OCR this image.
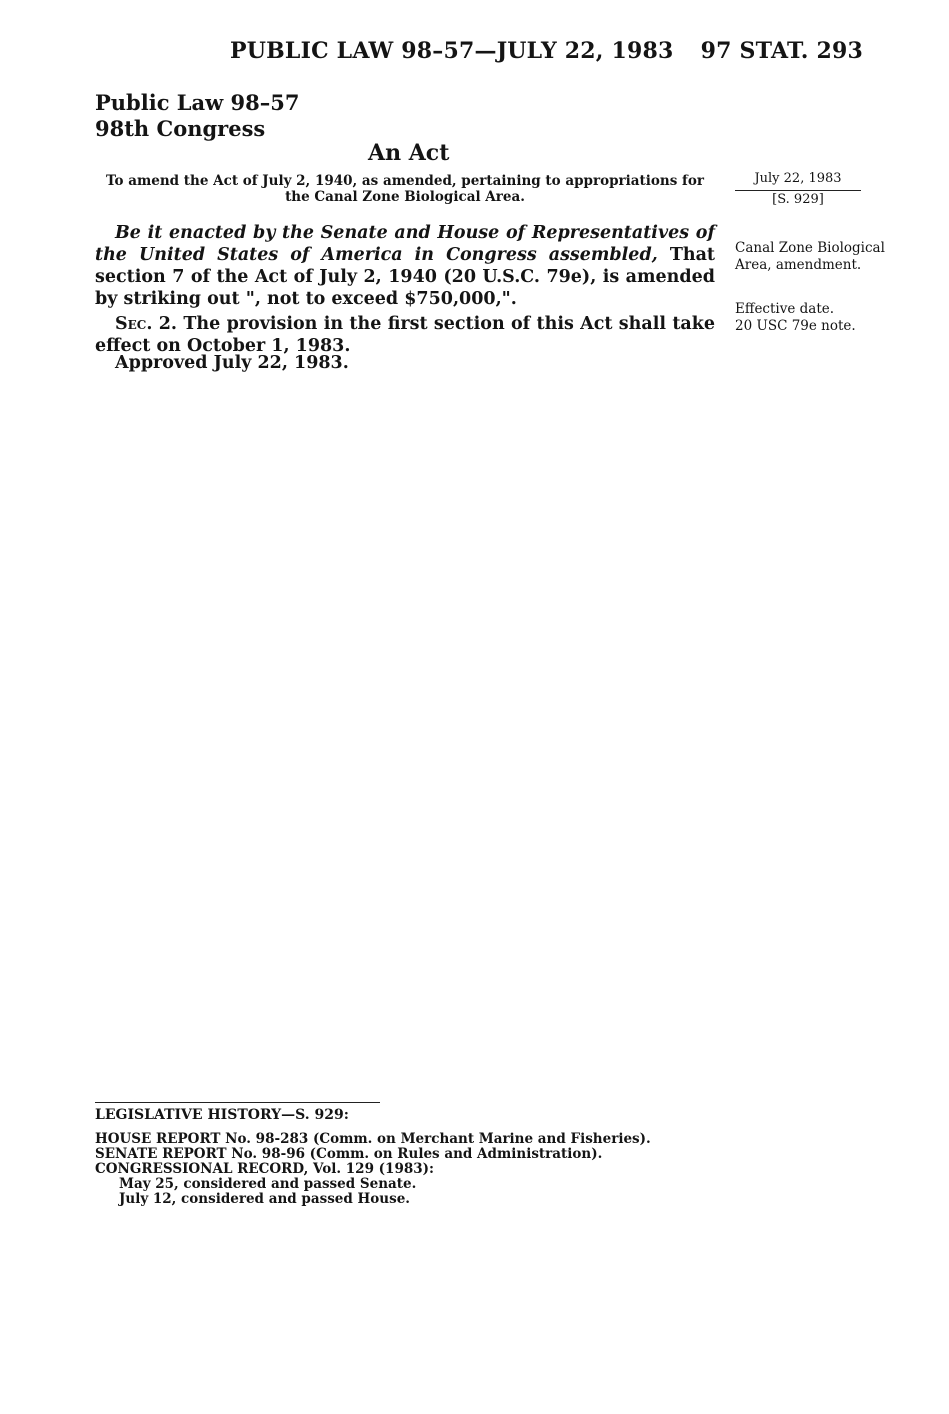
PUBLIC LAW 98–57—JULY 22, 1983 97 STAT. 293
Public Law 98–57
98th Congress
An Act
To amend the Act of July 2, 1940, as amended, pertaining to appropriations for the Canal Zone Biological Area.
July 22, 1983
[S. 929]
Canal Zone Biological Area, amendment.
Effective date.
20 USC 79e note.

Be it enacted by the Senate and House of Representatives of the United States of America in Congress assembled, That section 7 of the Act of July 2, 1940 (20 U.S.C. 79e), is amended by striking out ", not to exceed $750,000,".

Sec. 2. The provision in the first section of this Act shall take effect on October 1, 1983.

Approved July 22, 1983.
LEGISLATIVE HISTORY—S. 929:
HOUSE REPORT No. 98-283 (Comm. on Merchant Marine and Fisheries).
SENATE REPORT No. 98-96 (Comm. on Rules and Administration).
CONGRESSIONAL RECORD, Vol. 129 (1983):
May 25, considered and passed Senate.
July 12, considered and passed House.
